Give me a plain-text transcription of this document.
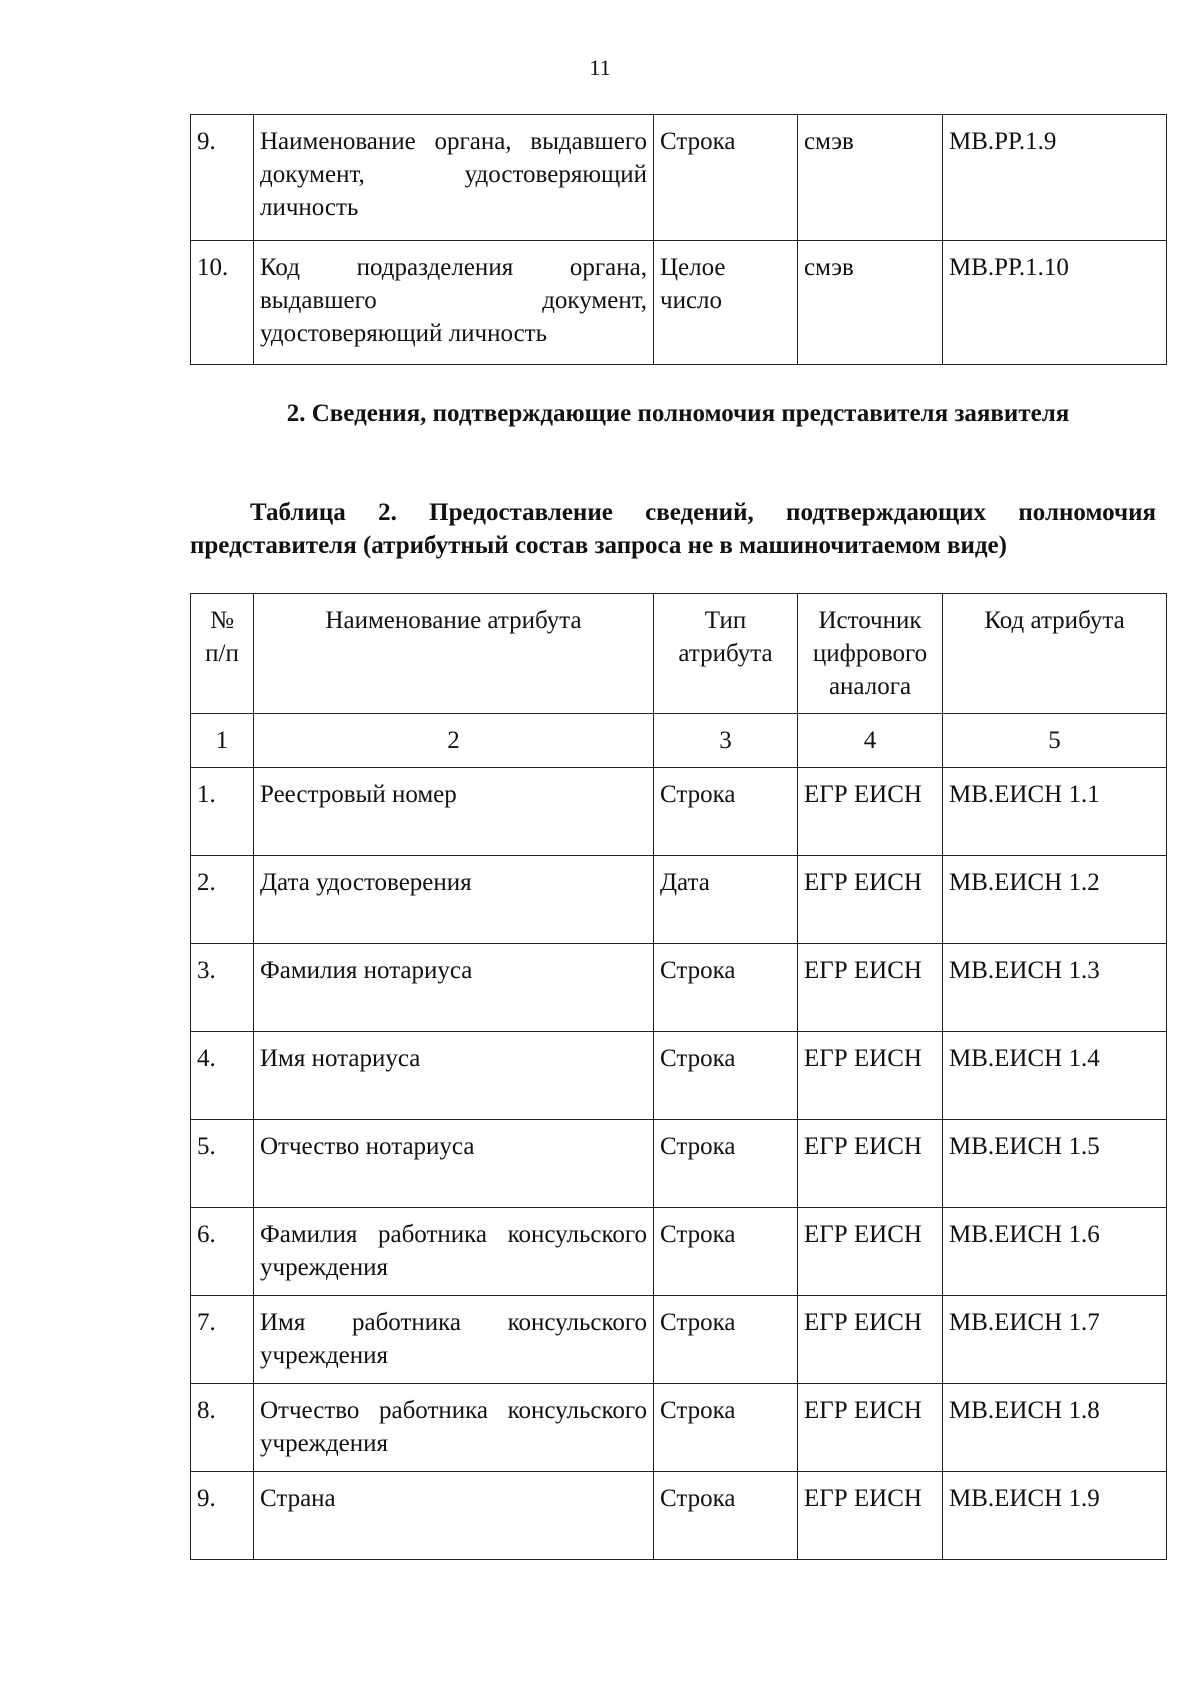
11
9.	Наименование органа, выдавшего документ, удостоверяющий личность	Строка	смэв	МВ.РР.1.9
10.	Код подразделения органа, выдавшего документ, удостоверяющий личность	Целое число	смэв	МВ.РР.1.10
2. Сведения, подтверждающие полномочия представителя заявителя
Таблица 2. Предоставление сведений, подтверждающих полномочия представителя (атрибутный состав запроса не в машиночитаемом виде)
№ п/п	Наименование атрибута	Тип атрибута	Источник цифрового аналога	Код атрибута
1	2	3	4	5
1.	Реестровый номер	Строка	ЕГР ЕИСН	МВ.ЕИСН 1.1
2.	Дата удостоверения	Дата	ЕГР ЕИСН	МВ.ЕИСН 1.2
3.	Фамилия нотариуса	Строка	ЕГР ЕИСН	МВ.ЕИСН 1.3
4.	Имя нотариуса	Строка	ЕГР ЕИСН	МВ.ЕИСН 1.4
5.	Отчество нотариуса	Строка	ЕГР ЕИСН	МВ.ЕИСН 1.5
6.	Фамилия работника консульского учреждения	Строка	ЕГР ЕИСН	МВ.ЕИСН 1.6
7.	Имя работника консульского учреждения	Строка	ЕГР ЕИСН	МВ.ЕИСН 1.7
8.	Отчество работника консульского учреждения	Строка	ЕГР ЕИСН	МВ.ЕИСН 1.8
9.	Страна	Строка	ЕГР ЕИСН	МВ.ЕИСН 1.9
